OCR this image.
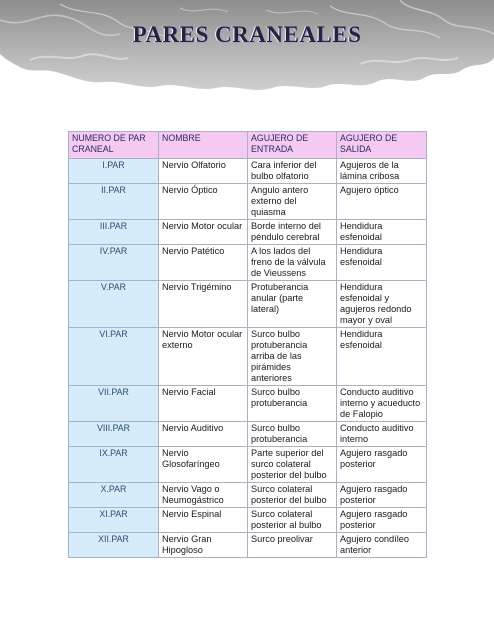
PARES CRANEALES
NUMERO DE PAR CRANEAL	NOMBRE	AGUJERO DE ENTRADA	AGUJERO DE SALIDA
I.PAR	Nervio Olfatorio	Cara inferior del bulbo olfatorio	Agujeros de la lámina cribosa
II.PAR	Nervio Óptico	Angulo antero externo del quiasma	Agujero óptico
III.PAR	Nervio Motor ocular	Borde interno del péndulo cerebral	Hendidura esfenoidal
IV.PAR	Nervio Patético	A los lados del freno de la válvula de Vieussens	Hendidura esfenoidal
V.PAR	Nervio Trigémino	Protuberancia anular (parte lateral)	Hendidura esfenoidal y agujeros redondo mayor y oval
VI.PAR	Nervio Motor ocular externo	Surco bulbo protuberancia arriba de las pirámides anteriores	Hendidura esfenoidal
VII.PAR	Nervio Facial	Surco bulbo protuberancia	Conducto auditivo interno y acueducto de Falopio
VIII.PAR	Nervio Auditivo	Surco bulbo protuberancia	Conducto auditivo interno
IX.PAR	Nervio Glosofaríngeo	Parte superior del surco colateral posterior del bulbo	Agujero rasgado posterior
X.PAR	Nervio Vago o Neumogástrico	Surco colateral posterior del bulbo	Agujero rasgado posterior
XI.PAR	Nervio Espinal	Surco colateral posterior al bulbo	Agujero rasgado posterior
XII.PAR	Nervio Gran Hipogloso	Surco preolivar	Agujero condíleo anterior
